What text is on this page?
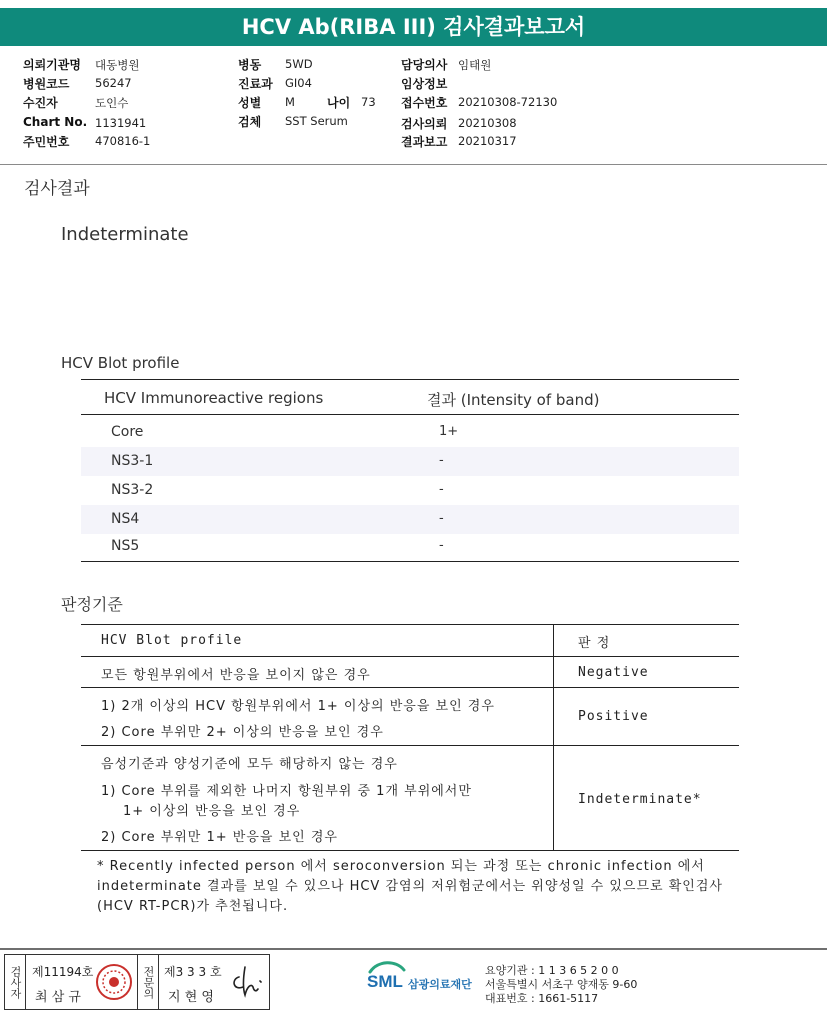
HCV Ab(RIBA III) 검사결과보고서
의뢰기관명 대동병원
병원코드 56247
수진자	도인수
Chart No. 1131941
주민번호 470816-1
병동 5WD
진료과 GI04
성별 M	나이 73
검체 SST Serum
담당의사 임태원
임상정보
접수번호 20210308-72130
검사의뢰 20210308
결과보고 20210317
검사결과
Indeterminate
HCV Blot profile
HCV Immunoreactive regions	결과 (Intensity of band)
Core	1+
NS3-1	-
NS3-2	-
NS4	-
NS5	-
판정기준
HCV Blot profile	판 정
모든 항원부위에서 반응을 보이지 않은 경우	Negative
1) 2개 이상의 HCV 항원부위에서 1+ 이상의 반응을 보인 경우
2) Core 부위만 2+ 이상의 반응을 보인 경우
Positive
음성기준과 양성기준에 모두 해당하지 않는 경우
1) Core 부위를 제외한 나머지 항원부위 중 1개 부위에서만
1+ 이상의 반응을 보인 경우
2) Core 부위만 1+ 반응을 보인 경우
Indeterminate*
* Recently infected person 에서 seroconversion 되는 과정 또는 chronic infection 에서 indeterminate 결과를 보일 수 있으나 HCV 감염의 저위험군에서는 위양성일 수 있으므로 확인검사(HCV RT-PCR)가 추천됩니다.
검사자 제11194호
최 삼 규	전문의 제3 3 3 호
지 현 영
SML 삼광의료재단
요양기관 : 1 1 3 6 5 2 0 0
서울특별시 서초구 양재동 9-60
대표번호 : 1661-5117
